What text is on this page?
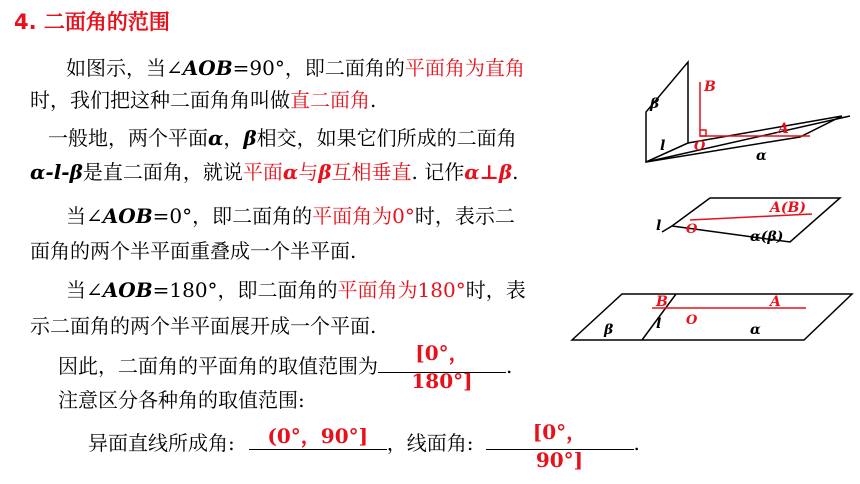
4. 二面角的范围
如图示，当∠AOB=90°，即二面角的平面角为直角
时，我们把这种二面角角叫做直二面角.
一般地，两个平面α，β相交，如果它们所成的二面角
α-l-β是直二面角，就说平面α与β互相垂直. 记作α⊥β.
当∠AOB=0°，即二面角的平面角为0°时，表示二
面角的两个半平面重叠成一个半平面.
当∠AOB=180°，即二面角的平面角为180°时，表
示二面角的两个半平面展开成一个平面.
因此，二面角的平面角的取值范围为
[0°，
180°]
.
注意区分各种角的取值范围:
异面直线所成角:	(0°，90°] ，线面角:	[0°，
90°]
.
B
A
O
β
l
α
A(B)
O
l
α(β)
B	A
O
l
β	α
